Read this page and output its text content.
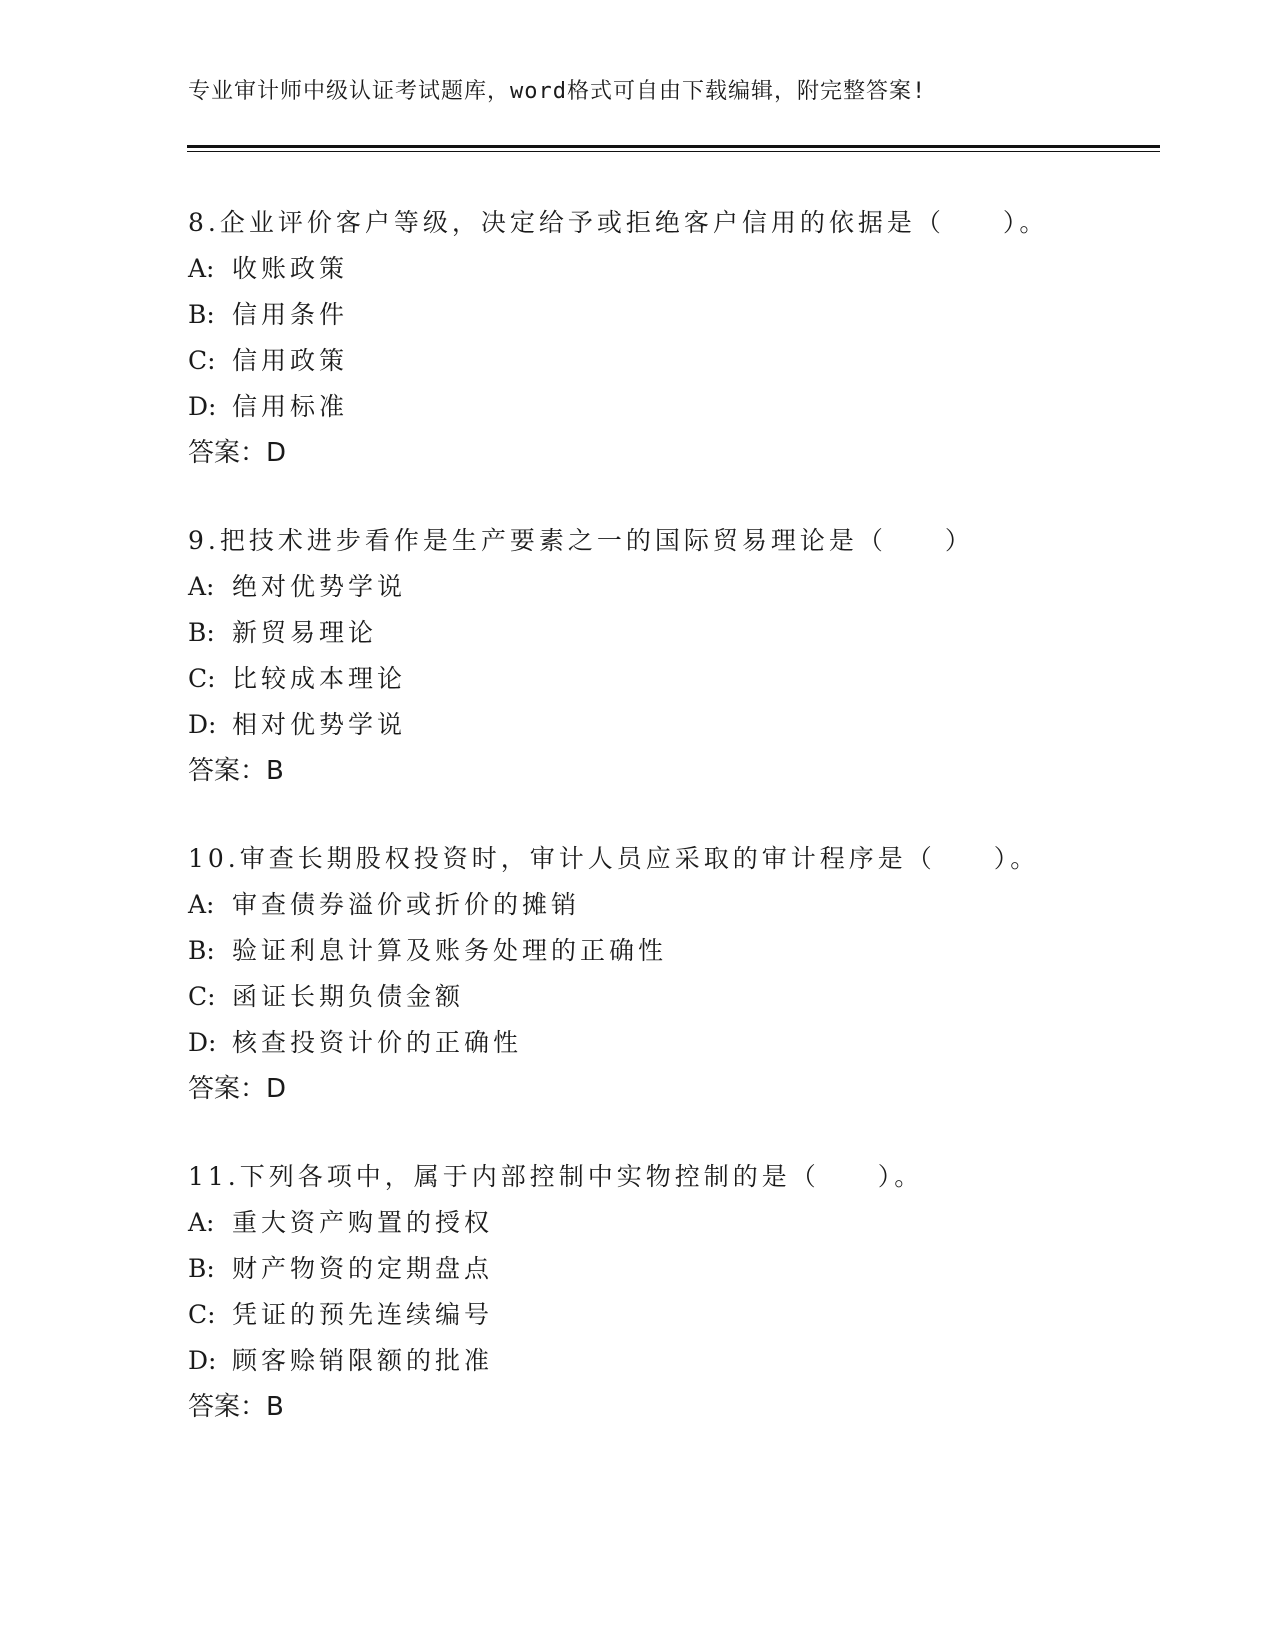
专业审计师中级认证考试题库，word格式可自由下载编辑，附完整答案!
8.企业评价客户等级，决定给予或拒绝客户信用的依据是（　　）。
A: 收账政策
B: 信用条件
C: 信用政策
D: 信用标准
答案：D
9.把技术进步看作是生产要素之一的国际贸易理论是（　　）
A: 绝对优势学说
B: 新贸易理论
C: 比较成本理论
D: 相对优势学说
答案：B
10.审查长期股权投资时，审计人员应采取的审计程序是（　　）。
A: 审查债券溢价或折价的摊销
B: 验证利息计算及账务处理的正确性
C: 函证长期负债金额
D: 核查投资计价的正确性
答案：D
11.下列各项中，属于内部控制中实物控制的是（　　）。
A: 重大资产购置的授权
B: 财产物资的定期盘点
C: 凭证的预先连续编号
D: 顾客赊销限额的批准
答案：B
